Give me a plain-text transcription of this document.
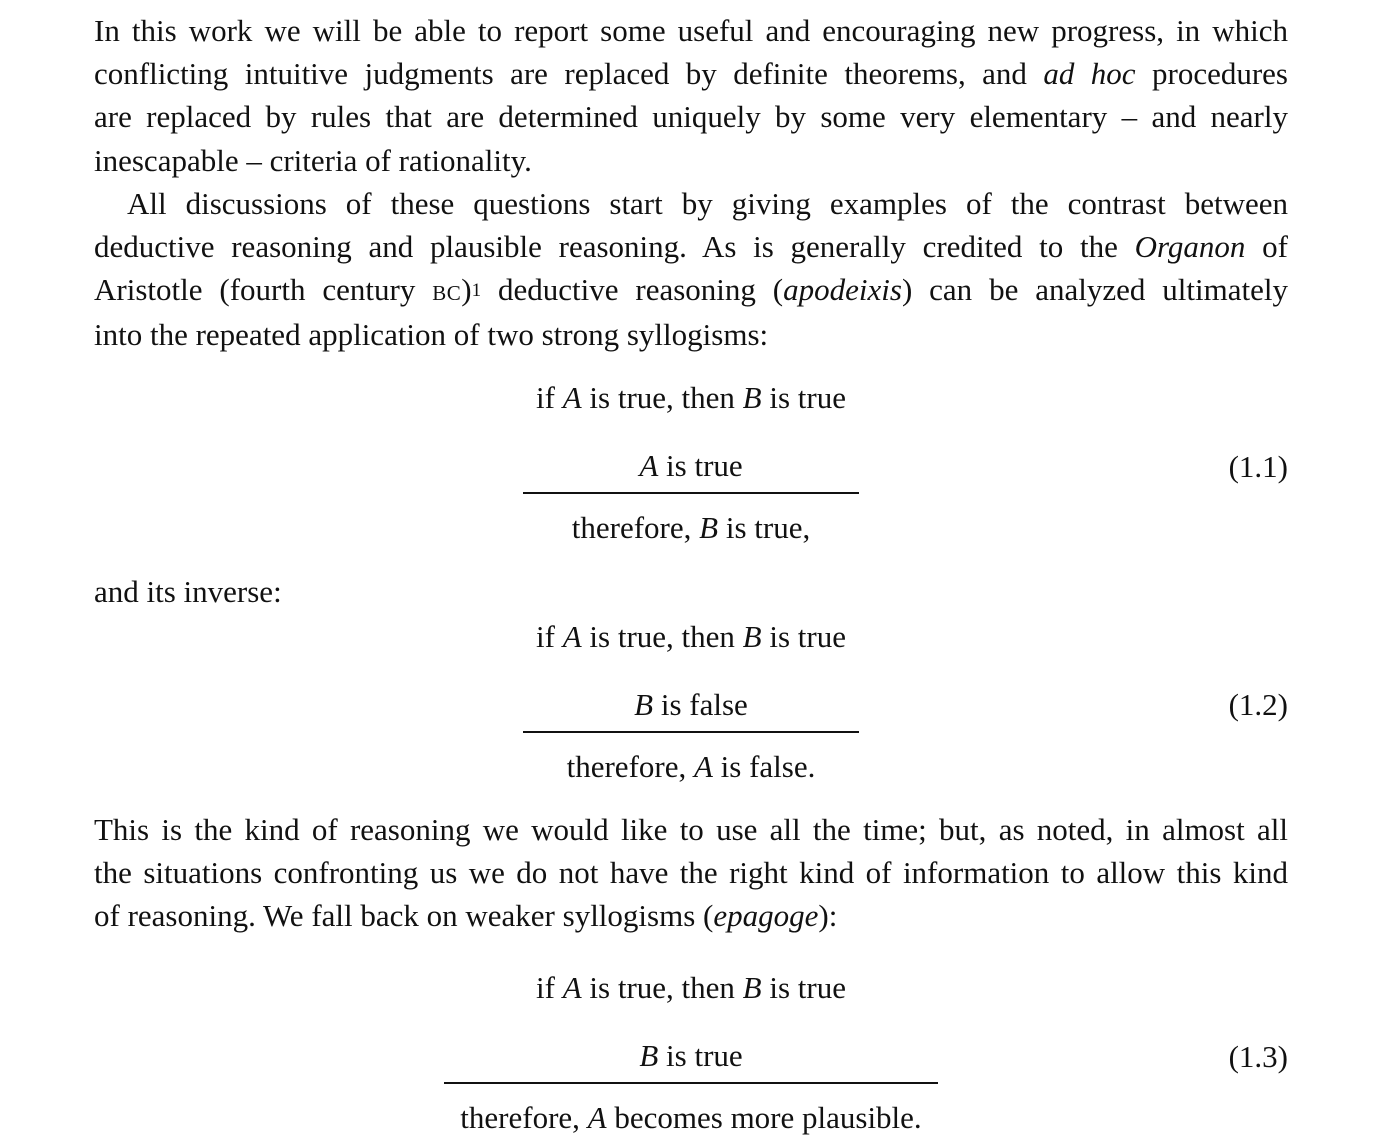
In this work we will be able to report some useful and encouraging new progress, in which
conflicting intuitive judgments are replaced by definite theorems, and ad hoc procedures
are replaced by rules that are determined uniquely by some very elementary – and nearly
inescapable – criteria of rationality.

All discussions of these questions start by giving examples of the contrast between
deductive reasoning and plausible reasoning. As is generally credited to the Organon of
Aristotle (fourth century bc)$^1$ deductive reasoning (apodeixis) can be analyzed ultimately
into the repeated application of two strong syllogisms:

if A is true, then B is true
A is true
therefore, B is true,
(1.1)

and its inverse:

if A is true, then B is true
B is false
therefore, A is false.
(1.2)

This is the kind of reasoning we would like to use all the time; but, as noted, in almost all
the situations confronting us we do not have the right kind of information to allow this kind
of reasoning. We fall back on weaker syllogisms (epagoge):

if A is true, then B is true
B is true
therefore, A becomes more plausible.
(1.3)
